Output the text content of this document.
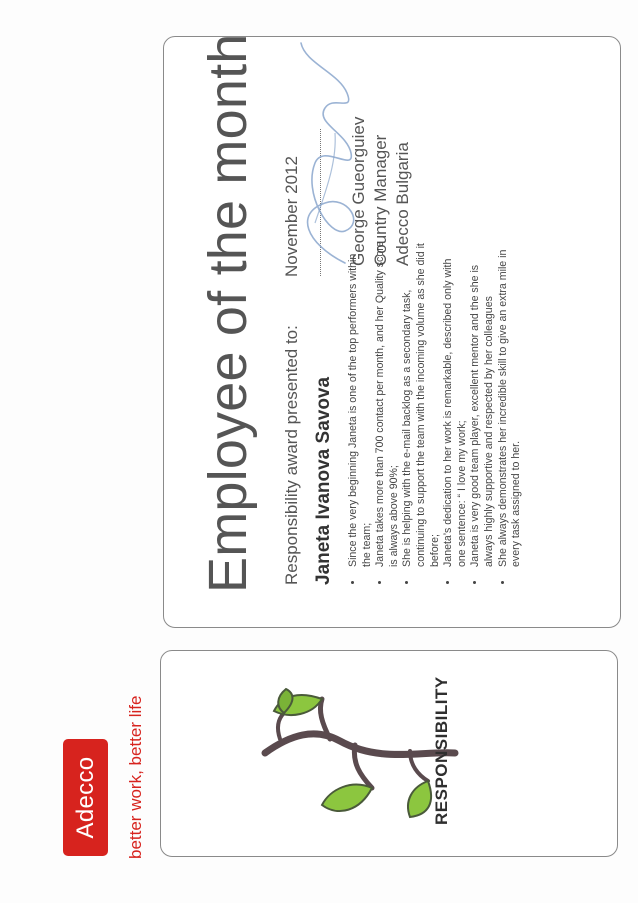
Adecco	better work, better life	RESPONSIBILITY
Employee of the month Responsibility award presented to:
November 2012
Janeta Ivanova Savova
George Gueorguiev Country Manager Adecco Bulgaria
• Since the very beginning Janeta is one of the top performers within the team; • Janeta takes more than 700 contact per month, and her Quality score is always above 90%; • She is helping with the e-mail backlog as a secondary task, continuing to support the team with the incoming volume as she did it before; • Janeta’s dedication to her work is remarkable, described only with one sentence: “ I love my work; • Janeta is very good team player, excellent mentor and the she is always highly supportive and respected by her colleagues • She always demonstrates her incredible skill to give an extra mile in every task assigned to her.
